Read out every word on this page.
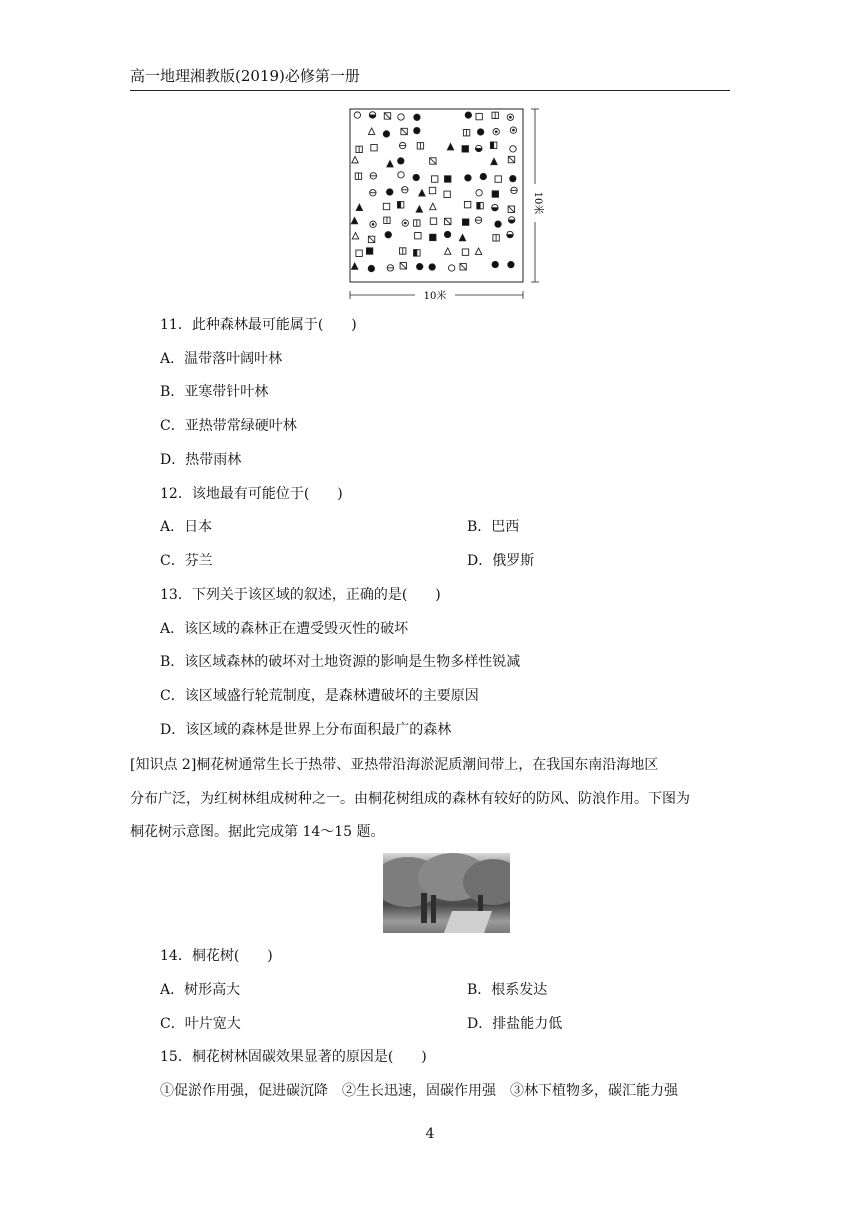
高一地理湘教版(2019)必修第一册
10米
10米
11．此种森林最可能属于(　　)
A．温带落叶阔叶林
B．亚寒带针叶林
C．亚热带常绿硬叶林
D．热带雨林
12．该地最有可能位于(　　)
A．日本	B．巴西
C．芬兰	D．俄罗斯
13．下列关于该区域的叙述，正确的是(　　)
A．该区域的森林正在遭受毁灭性的破坏
B．该区域森林的破坏对土地资源的影响是生物多样性锐减
C．该区域盛行轮荒制度，是森林遭破坏的主要原因
D．该区域的森林是世界上分布面积最广的森林
[知识点 2]桐花树通常生长于热带、亚热带沿海淤泥质潮间带上，在我国东南沿海地区
分布广泛，为红树林组成树种之一。由桐花树组成的森林有较好的防风、防浪作用。下图为
桐花树示意图。据此完成第 14～15 题。
14．桐花树(　　)
A．树形高大	B．根系发达
C．叶片宽大	D．排盐能力低
15．桐花树林固碳效果显著的原因是(　　)
①促淤作用强，促进碳沉降　②生长迅速，固碳作用强　③林下植物多，碳汇能力强
4
